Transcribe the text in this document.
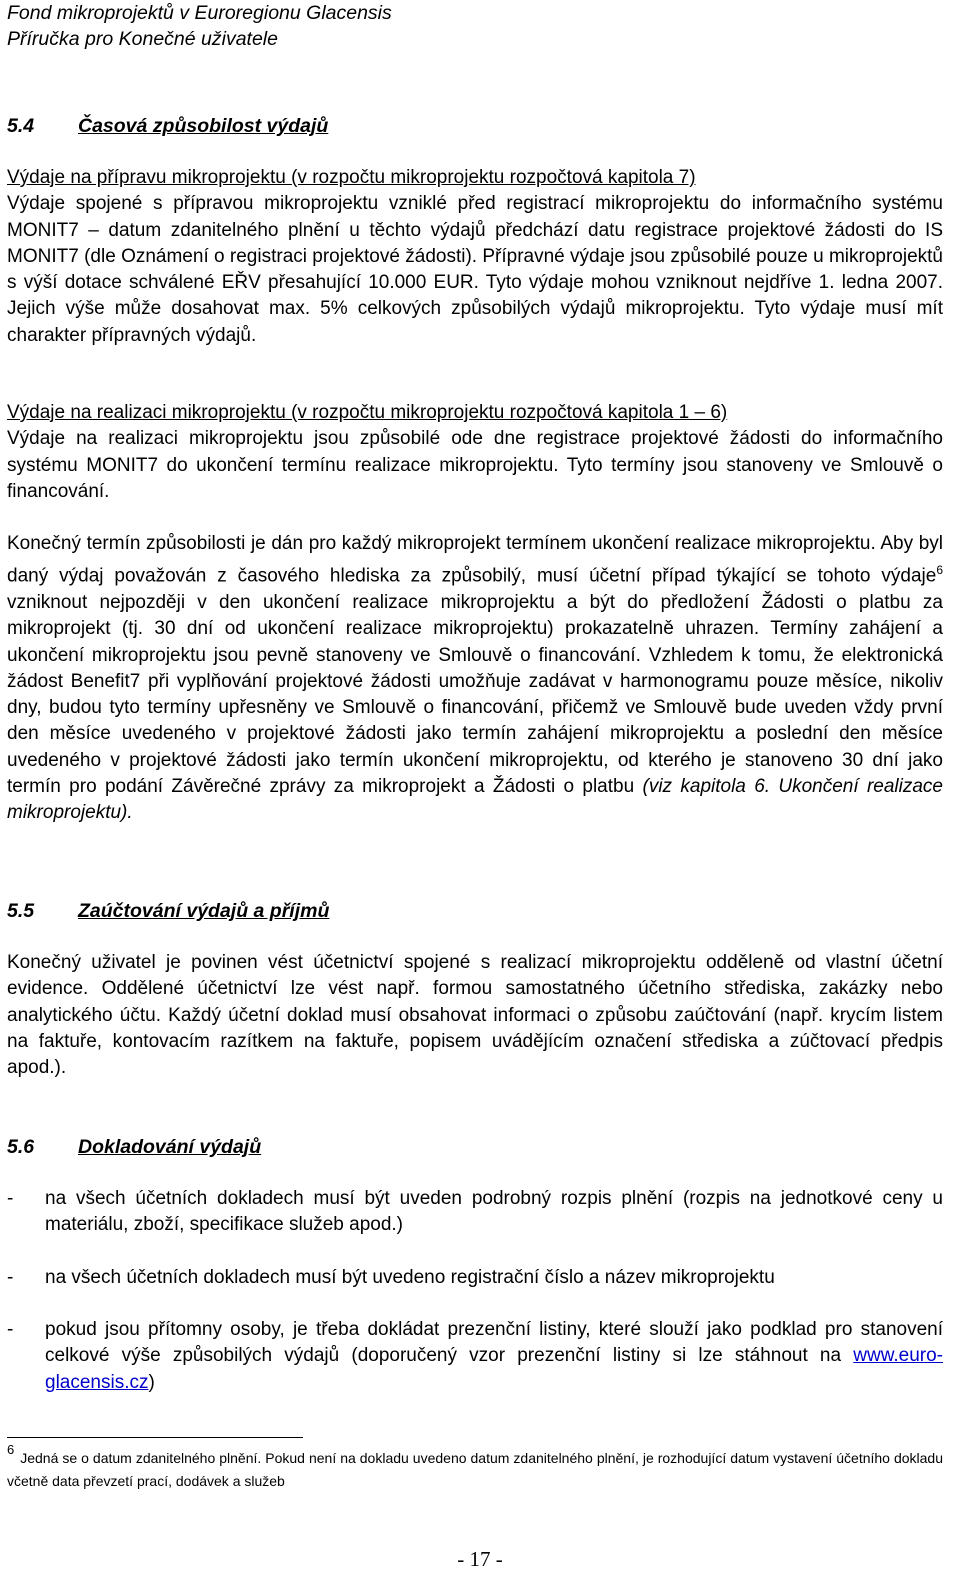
Fond mikroprojektů v Euroregionu Glacensis
Příručka pro Konečné uživatele
5.4 Časová způsobilost výdajů
Výdaje na přípravu mikroprojektu (v rozpočtu mikroprojektu rozpočtová kapitola 7)
Výdaje spojené s přípravou mikroprojektu vzniklé před registrací mikroprojektu do informačního systému MONIT7 – datum zdanitelného plnění u těchto výdajů předchází datu registrace projektové žádosti do IS MONIT7 (dle Oznámení o registraci projektové žádosti). Přípravné výdaje jsou způsobilé pouze u mikroprojektů s výší dotace schválené EŘV přesahující 10.000 EUR. Tyto výdaje mohou vzniknout nejdříve 1. ledna 2007. Jejich výše může dosahovat max. 5% celkových způsobilých výdajů mikroprojektu. Tyto výdaje musí mít charakter přípravných výdajů.
Výdaje na realizaci mikroprojektu (v rozpočtu mikroprojektu rozpočtová kapitola 1 – 6)
Výdaje na realizaci mikroprojektu jsou způsobilé ode dne registrace projektové žádosti do informačního systému MONIT7 do ukončení termínu realizace mikroprojektu. Tyto termíny jsou stanoveny ve Smlouvě o financování.
Konečný termín způsobilosti je dán pro každý mikroprojekt termínem ukončení realizace mikroprojektu. Aby byl daný výdaj považován z časového hlediska za způsobilý, musí účetní případ týkající se tohoto výdaje$^6$ vzniknout nejpozději v den ukončení realizace mikroprojektu a být do předložení Žádosti o platbu za mikroprojekt (tj. 30 dní od ukončení realizace mikroprojektu) prokazatelně uhrazen. Termíny zahájení a ukončení mikroprojektu jsou pevně stanoveny ve Smlouvě o financování. Vzhledem k tomu, že elektronická žádost Benefit7 při vyplňování projektové žádosti umožňuje zadávat v harmonogramu pouze měsíce, nikoliv dny, budou tyto termíny upřesněny ve Smlouvě o financování, přičemž ve Smlouvě bude uveden vždy první den měsíce uvedeného v projektové žádosti jako termín zahájení mikroprojektu a poslední den měsíce uvedeného v projektové žádosti jako termín ukončení mikroprojektu, od kterého je stanoveno 30 dní jako termín pro podání Závěrečné zprávy za mikroprojekt a Žádosti o platbu (viz kapitola 6. Ukončení realizace mikroprojektu).
5.5 Zaúčtování výdajů a příjmů
Konečný uživatel je povinen vést účetnictví spojené s realizací mikroprojektu odděleně od vlastní účetní evidence. Oddělené účetnictví lze vést např. formou samostatného účetního střediska, zakázky nebo analytického účtu. Každý účetní doklad musí obsahovat informaci o způsobu zaúčtování (např. krycím listem na faktuře, kontovacím razítkem na faktuře, popisem uvádějícím označení střediska a zúčtovací předpis apod.).
5.6 Dokladování výdajů
- na všech účetních dokladech musí být uveden podrobný rozpis plnění (rozpis na jednotkové ceny u materiálu, zboží, specifikace služeb apod.)
- na všech účetních dokladech musí být uvedeno registrační číslo a název mikroprojektu
- pokud jsou přítomny osoby, je třeba dokládat prezenční listiny, které slouží jako podklad pro stanovení celkové výše způsobilých výdajů (doporučený vzor prezenční listiny si lze stáhnout na www.euro-glacensis.cz)
$^6$Jedná se o datum zdanitelného plnění. Pokud není na dokladu uvedeno datum zdanitelného plnění, je rozhodující datum vystavení účetního dokladu včetně data převzetí prací, dodávek a služeb
- 17 -
